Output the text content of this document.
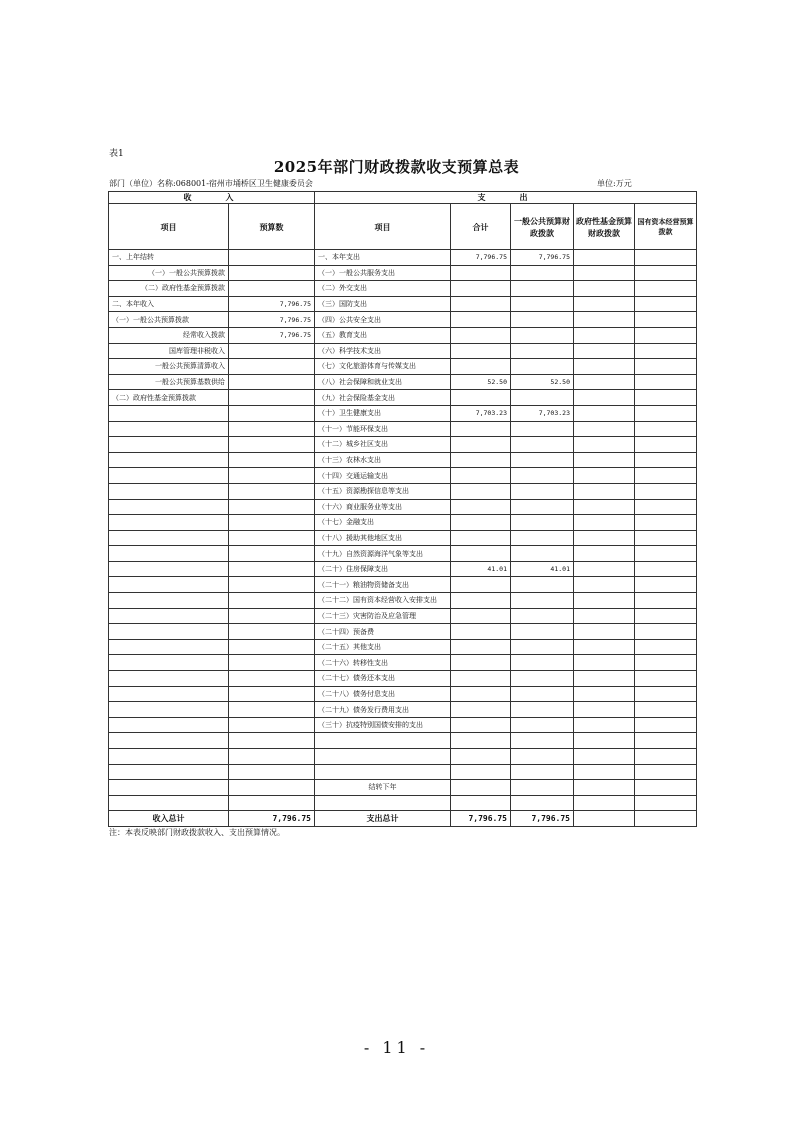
表1
2025年部门财政拨款收支预算总表
部门（单位）名称:068001-宿州市埇桥区卫生健康委员会	单位:万元
收　　入		支　　出				
项目	预算数	项目	合计	一般公共预算财政拨款	政府性基金预算财政拨款	国有资本经营预算拨款
一、上年结转		一、本年支出	7,796.75	7,796.75		
（一）一般公共预算拨款		（一）一般公共服务支出				
（二）政府性基金预算拨款		（二）外交支出				
二、本年收入	7,796.75	（三）国防支出				
（一）一般公共预算拨款	7,796.75	（四）公共安全支出				
经常收入拨款	7,796.75	（五）教育支出				
国库管理非税收入		（六）科学技术支出				
一般公共预算清算收入		（七）文化旅游体育与传媒支出				
一般公共预算基数供给		（八）社会保障和就业支出	52.50	52.50		
（二）政府性基金预算拨款		（九）社会保险基金支出				
		（十）卫生健康支出	7,703.23	7,703.23		
		（十一）节能环保支出				
		（十二）城乡社区支出				
		（十三）农林水支出				
		（十四）交通运输支出				
		（十五）资源勘探信息等支出				
		（十六）商业服务业等支出				
		（十七）金融支出				
		（十八）援助其他地区支出				
		（十九）自然资源海洋气象等支出				
		（二十）住房保障支出	41.01	41.01		
		（二十一）粮油物资储备支出				
		（二十二）国有资本经营收入安排支出				
		（二十三）灾害防治及应急管理				
		（二十四）预备费				
		（二十五）其他支出				
		（二十六）转移性支出				
		（二十七）债务还本支出				
		（二十八）债务付息支出				
		（二十九）债务发行费用支出				
		（三十）抗疫特别国债安排的支出				

		结转下年				

收入总计	7,796.75	支出总计	7,796.75	7,796.75		
注：本表反映部门财政拨款收入、支出预算情况。
- 11 -
